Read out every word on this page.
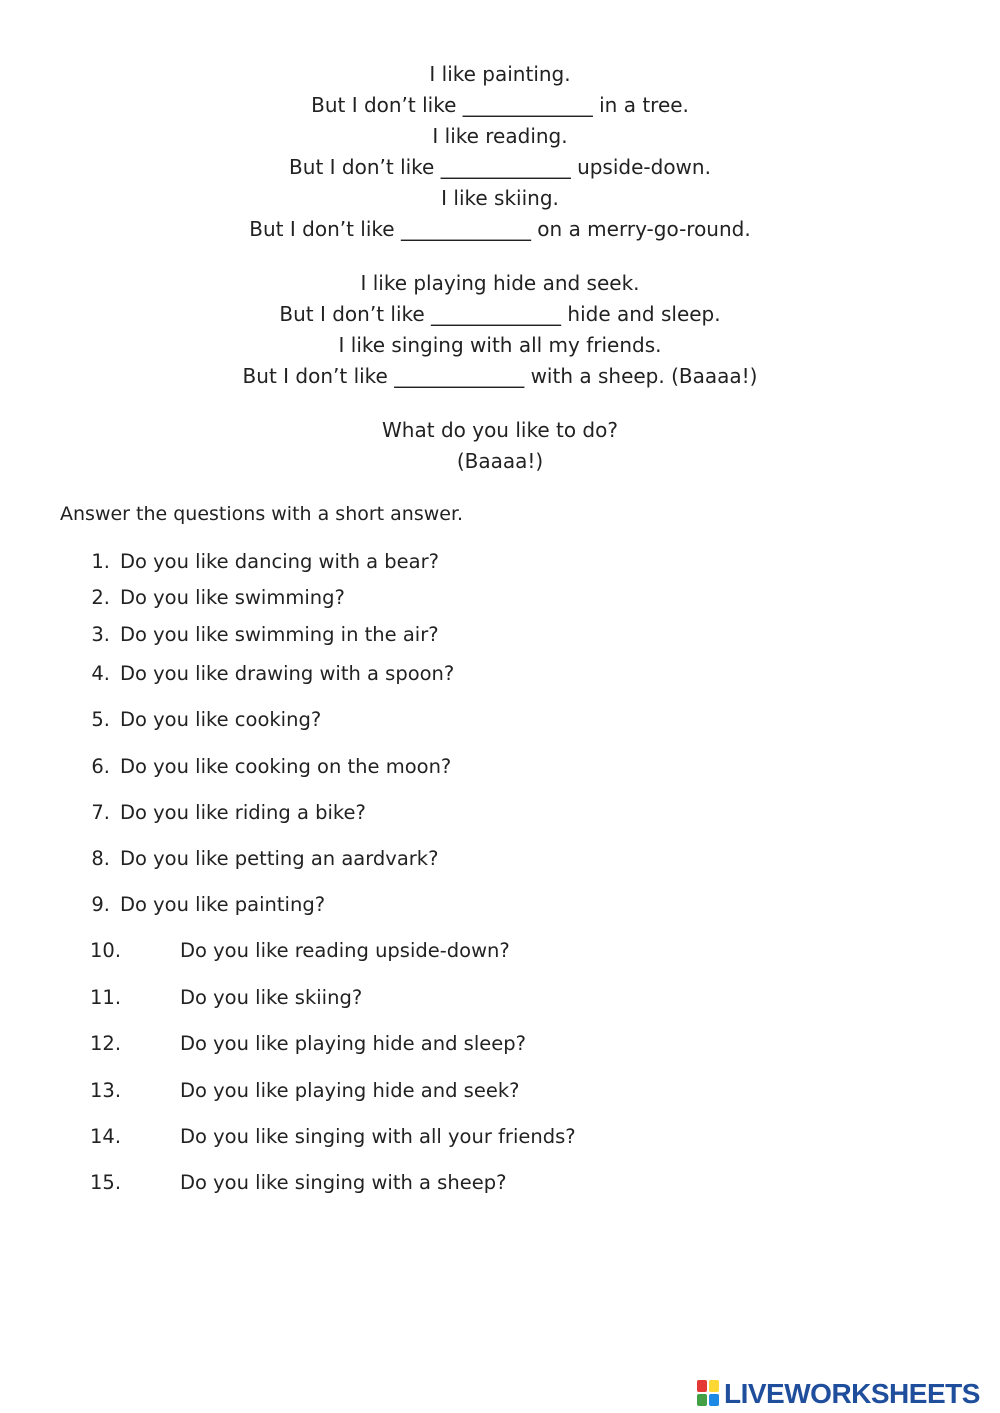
I like painting.
But I don’t like _____________ in a tree.
I like reading.
But I don’t like _____________ upside-down.
I like skiing.
But I don’t like _____________ on a merry-go-round.
I like playing hide and seek.
But I don’t like _____________ hide and sleep.
I like singing with all my friends.
But I don’t like _____________ with a sheep. (Baaaa!)
What do you like to do?
(Baaaa!)
Answer the questions with a short answer.
1. Do you like dancing with a bear?
2. Do you like swimming?
3. Do you like swimming in the air?
4. Do you like drawing with a spoon?
5. Do you like cooking?
6. Do you like cooking on the moon?
7. Do you like riding a bike?
8. Do you like petting an aardvark?
9. Do you like painting?
10.	Do you like reading upside-down?
11.	Do you like skiing?
12.	Do you like playing hide and sleep?
13.	Do you like playing hide and seek?
14.	Do you like singing with all your friends?
15.	Do you like singing with a sheep?
LIVEWORKSHEETS
